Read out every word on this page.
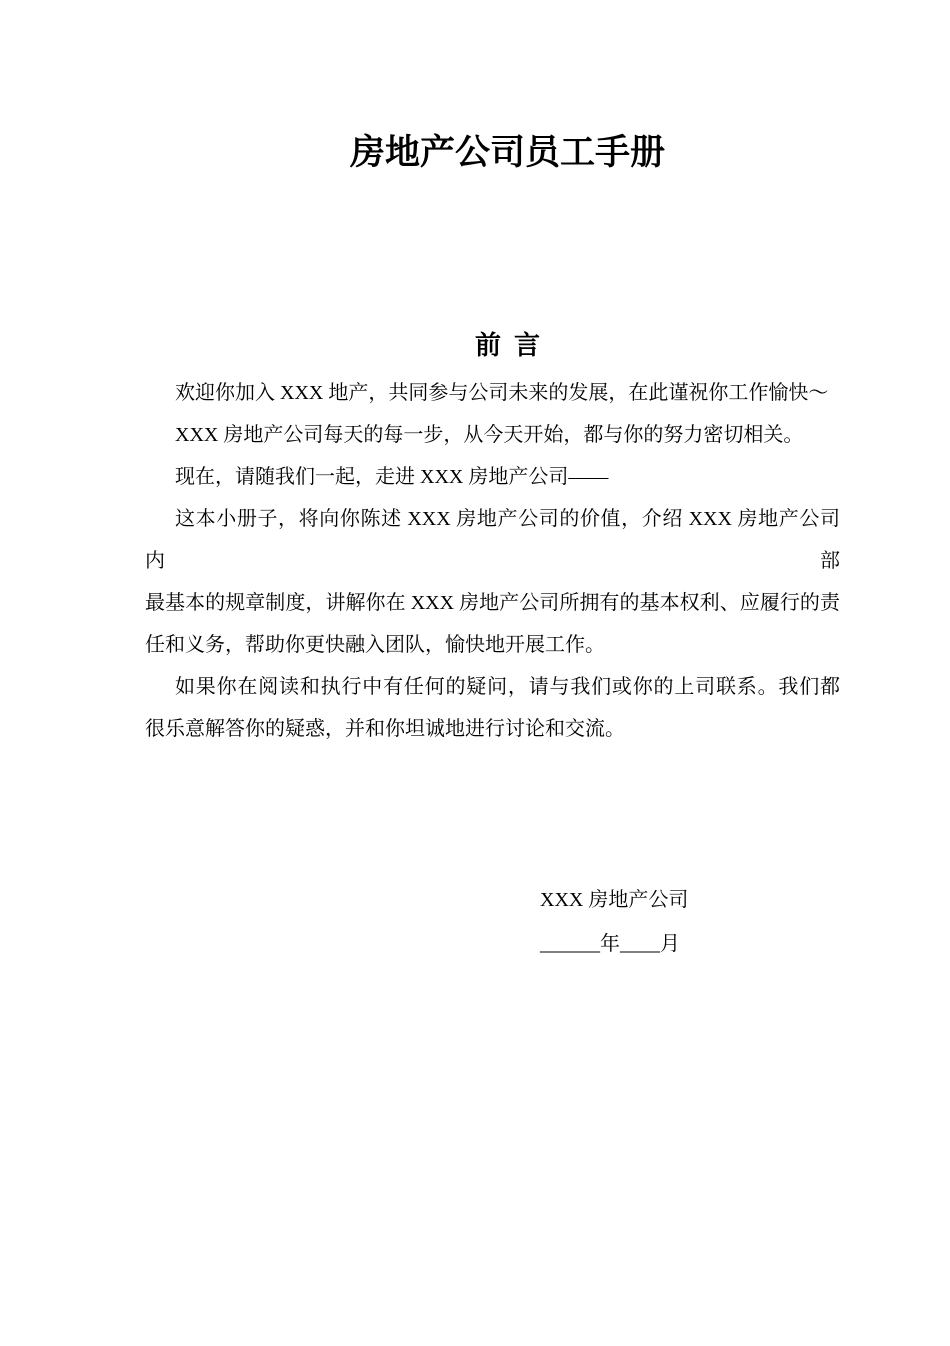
房地产公司员工手册
前  言
欢迎你加入 XXX 地产，共同参与公司未来的发展，在此谨祝你工作愉快～
XXX 房地产公司每天的每一步，从今天开始，都与你的努力密切相关。
现在，请随我们一起，走进 XXX 房地产公司——
这本小册子，将向你陈述 XXX 房地产公司的价值，介绍 XXX 房地产公司内部
最基本的规章制度，讲解你在 XXX 房地产公司所拥有的基本权利、应履行的责
任和义务，帮助你更快融入团队，愉快地开展工作。
如果你在阅读和执行中有任何的疑问，请与我们或你的上司联系。我们都
很乐意解答你的疑惑，并和你坦诚地进行讨论和交流。
XXX 房地产公司
______年____月
